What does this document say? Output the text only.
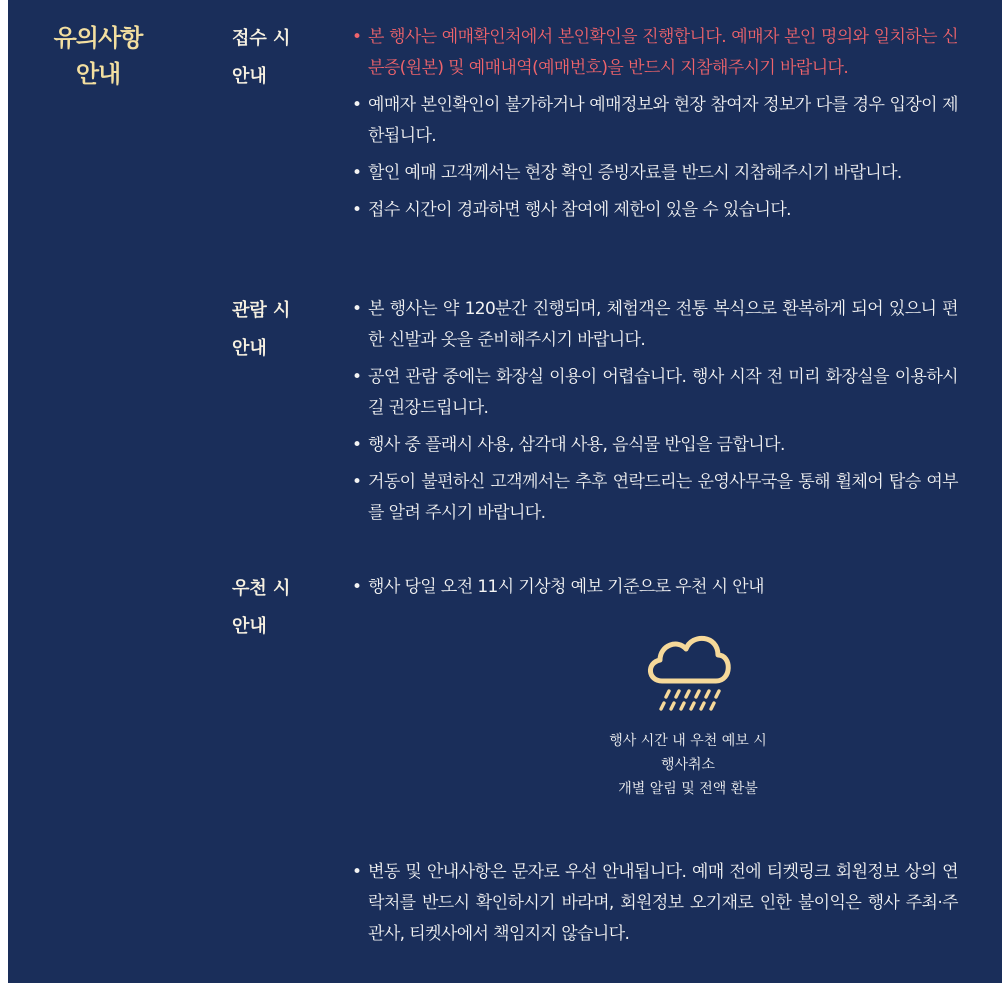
유의사항
안내
접수 시
안내
• 본 행사는 예매확인처에서 본인확인을 진행합니다. 예매자 본인 명의와 일치하는 신분증(원본) 및 예매내역(예매번호)을 반드시 지참해주시기 바랍니다.
• 예매자 본인확인이 불가하거나 예매정보와 현장 참여자 정보가 다를 경우 입장이 제한됩니다.
• 할인 예매 고객께서는 현장 확인 증빙자료를 반드시 지참해주시기 바랍니다.
• 접수 시간이 경과하면 행사 참여에 제한이 있을 수 있습니다.
관람 시
안내
• 본 행사는 약 120분간 진행되며, 체험객은 전통 복식으로 환복하게 되어 있으니 편한 신발과 옷을 준비해주시기 바랍니다.
• 공연 관람 중에는 화장실 이용이 어렵습니다. 행사 시작 전 미리 화장실을 이용하시길 권장드립니다.
• 행사 중 플래시 사용, 삼각대 사용, 음식물 반입을 금합니다.
• 거동이 불편하신 고객께서는 추후 연락드리는 운영사무국을 통해 휠체어 탑승 여부를 알려 주시기 바랍니다.
우천 시
안내
• 행사 당일 오전 11시 기상청 예보 기준으로 우천 시 안내
행사 시간 내 우천 예보 시
행사취소
개별 알림 및 전액 환불
• 변동 및 안내사항은 문자로 우선 안내됩니다. 예매 전에 티켓링크 회원정보 상의 연락처를 반드시 확인하시기 바라며, 회원정보 오기재로 인한 불이익은 행사 주최·주관사, 티켓사에서 책임지지 않습니다.
